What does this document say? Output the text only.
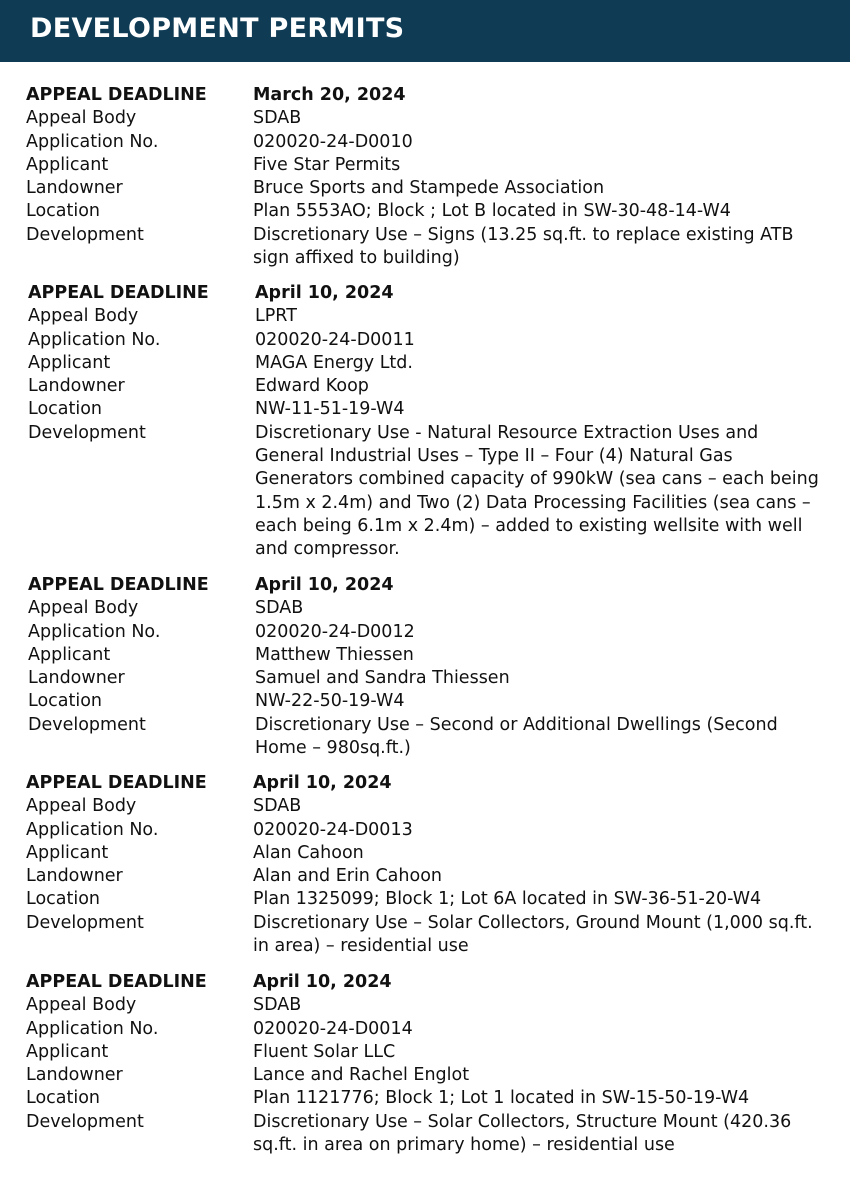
DEVELOPMENT PERMITS
APPEAL DEADLINE	March 20, 2024
Appeal Body	SDAB
Application No.	020020-24-D0010
Applicant	Five Star Permits
Landowner	Bruce Sports and Stampede Association
Location	Plan 5553AO; Block ; Lot B located in SW-30-48-14-W4
Development	Discretionary Use – Signs (13.25 sq.ft. to replace existing ATB sign affixed to building)
APPEAL DEADLINE	April 10, 2024
Appeal Body	LPRT
Application No.	020020-24-D0011
Applicant	MAGA Energy Ltd.
Landowner	Edward Koop
Location	NW-11-51-19-W4
Development	Discretionary Use - Natural Resource Extraction Uses and General Industrial Uses – Type II – Four (4) Natural Gas Generators combined capacity of 990kW (sea cans – each being 1.5m x 2.4m) and Two (2) Data Processing Facilities (sea cans – each being 6.1m x 2.4m) – added to existing wellsite with well and compressor.
APPEAL DEADLINE	April 10, 2024
Appeal Body	SDAB
Application No.	020020-24-D0012
Applicant	Matthew Thiessen
Landowner	Samuel and Sandra Thiessen
Location	NW-22-50-19-W4
Development	Discretionary Use – Second or Additional Dwellings (Second Home – 980sq.ft.)
APPEAL DEADLINE	April 10, 2024
Appeal Body	SDAB
Application No.	020020-24-D0013
Applicant	Alan Cahoon
Landowner	Alan and Erin Cahoon
Location	Plan 1325099; Block 1; Lot 6A located in SW-36-51-20-W4
Development	Discretionary Use – Solar Collectors, Ground Mount (1,000 sq.ft. in area) – residential use
APPEAL DEADLINE	April 10, 2024
Appeal Body	SDAB
Application No.	020020-24-D0014
Applicant	Fluent Solar LLC
Landowner	Lance and Rachel Englot
Location	Plan 1121776; Block 1; Lot 1 located in SW-15-50-19-W4
Development	Discretionary Use – Solar Collectors, Structure Mount (420.36 sq.ft. in area on primary home) – residential use
